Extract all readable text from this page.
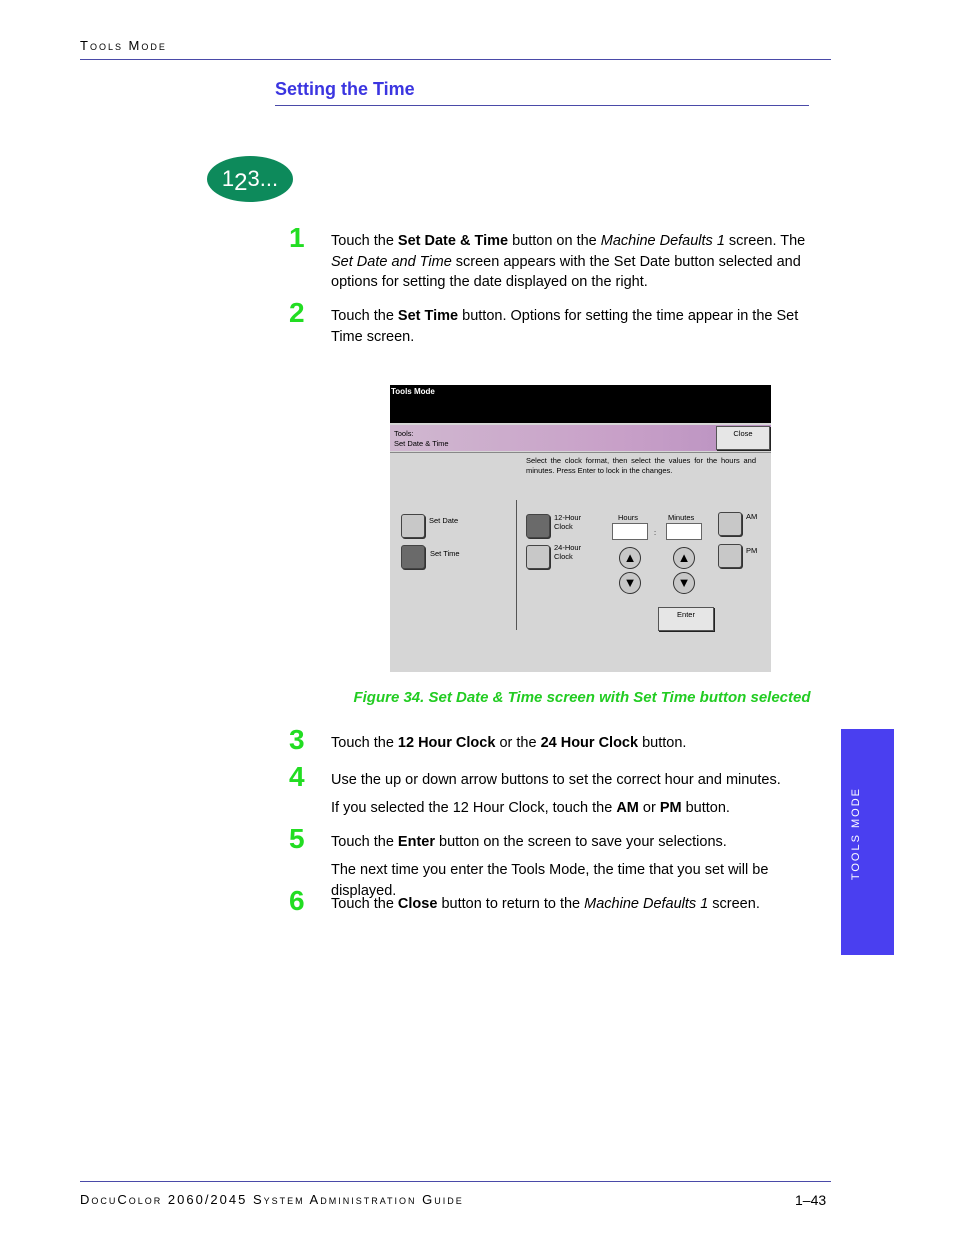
Tools Mode
Setting the Time
123...
1 Touch the Set Date & Time button on the Machine Defaults 1 screen. The Set Date and Time screen appears with the Set Date button selected and options for setting the date displayed on the right.
2 Touch the Set Time button. Options for setting the time appear in the Set Time screen.
Tools Mode
Tools:
Set Date & Time
Close
Select the clock format, then select the values for the hours and minutes. Press Enter to lock in the changes.
Set Date
Set Time
12-Hour Clock
24-Hour Clock
Hours
:
Minutes
▲
▼
▲
▼
AM
PM
Enter
Figure 34. Set Date & Time screen with Set Time button selected
3 Touch the 12 Hour Clock or the 24 Hour Clock button.
4 Use the up or down arrow buttons to set the correct hour and minutes.
If you selected the 12 Hour Clock, touch the AM or PM button.
5 Touch the Enter button on the screen to save your selections.
The next time you enter the Tools Mode, the time that you set will be displayed.
6 Touch the Close button to return to the Machine Defaults 1 screen.
TOOLS MODE
DocuColor 2060/2045 System Administration Guide	1–43
